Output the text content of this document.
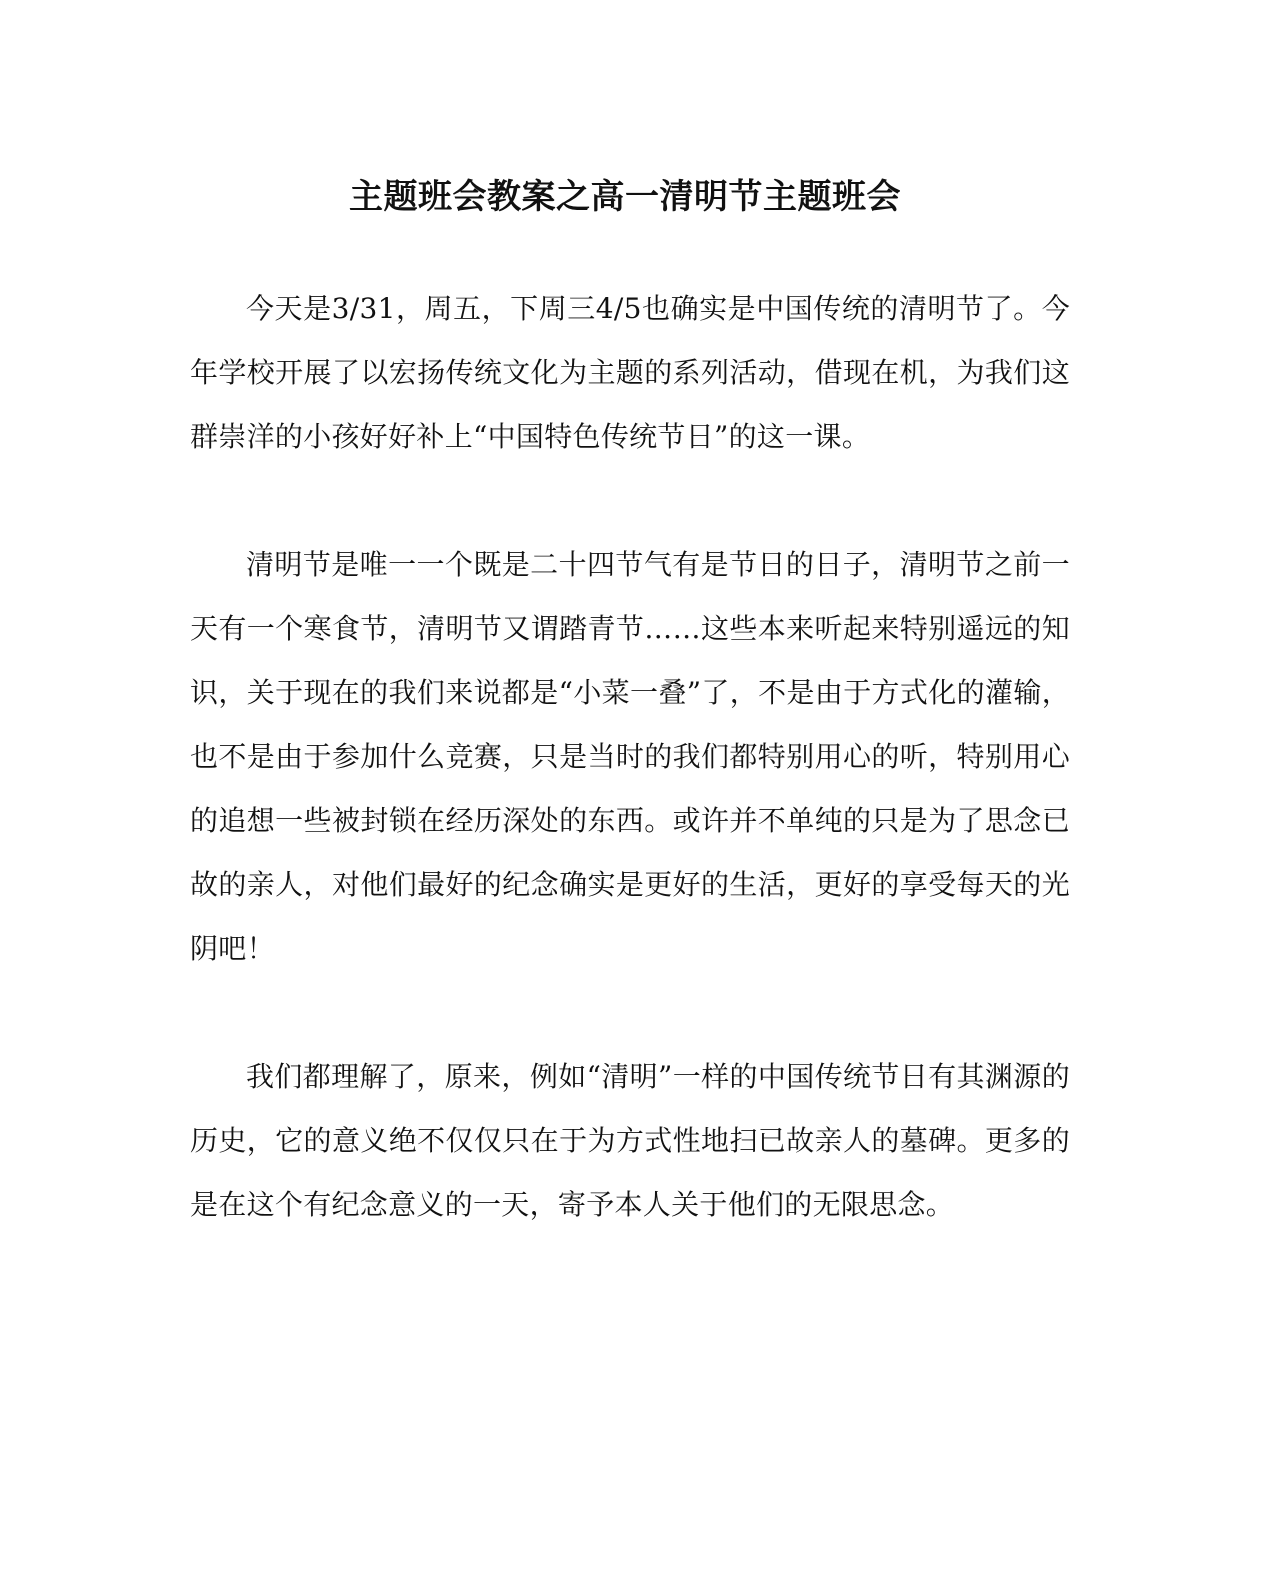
主题班会教案之高一清明节主题班会

今天是3/31，周五，下周三4/5也确实是中国传统的清明节了。今年学校开展了以宏扬传统文化为主题的系列活动，借现在机，为我们这群崇洋的小孩好好补上“中国特色传统节日”的这一课。

清明节是唯一一个既是二十四节气有是节日的日子，清明节之前一天有一个寒食节，清明节又谓踏青节……这些本来听起来特别遥远的知识，关于现在的我们来说都是“小菜一叠”了，不是由于方式化的灌输，也不是由于参加什么竞赛，只是当时的我们都特别用心的听，特别用心的追想一些被封锁在经历深处的东西。或许并不单纯的只是为了思念已故的亲人，对他们最好的纪念确实是更好的生活，更好的享受每天的光阴吧！

我们都理解了，原来，例如“清明”一样的中国传统节日有其渊源的历史，它的意义绝不仅仅只在于为方式性地扫已故亲人的墓碑。更多的是在这个有纪念意义的一天，寄予本人关于他们的无限思念。
